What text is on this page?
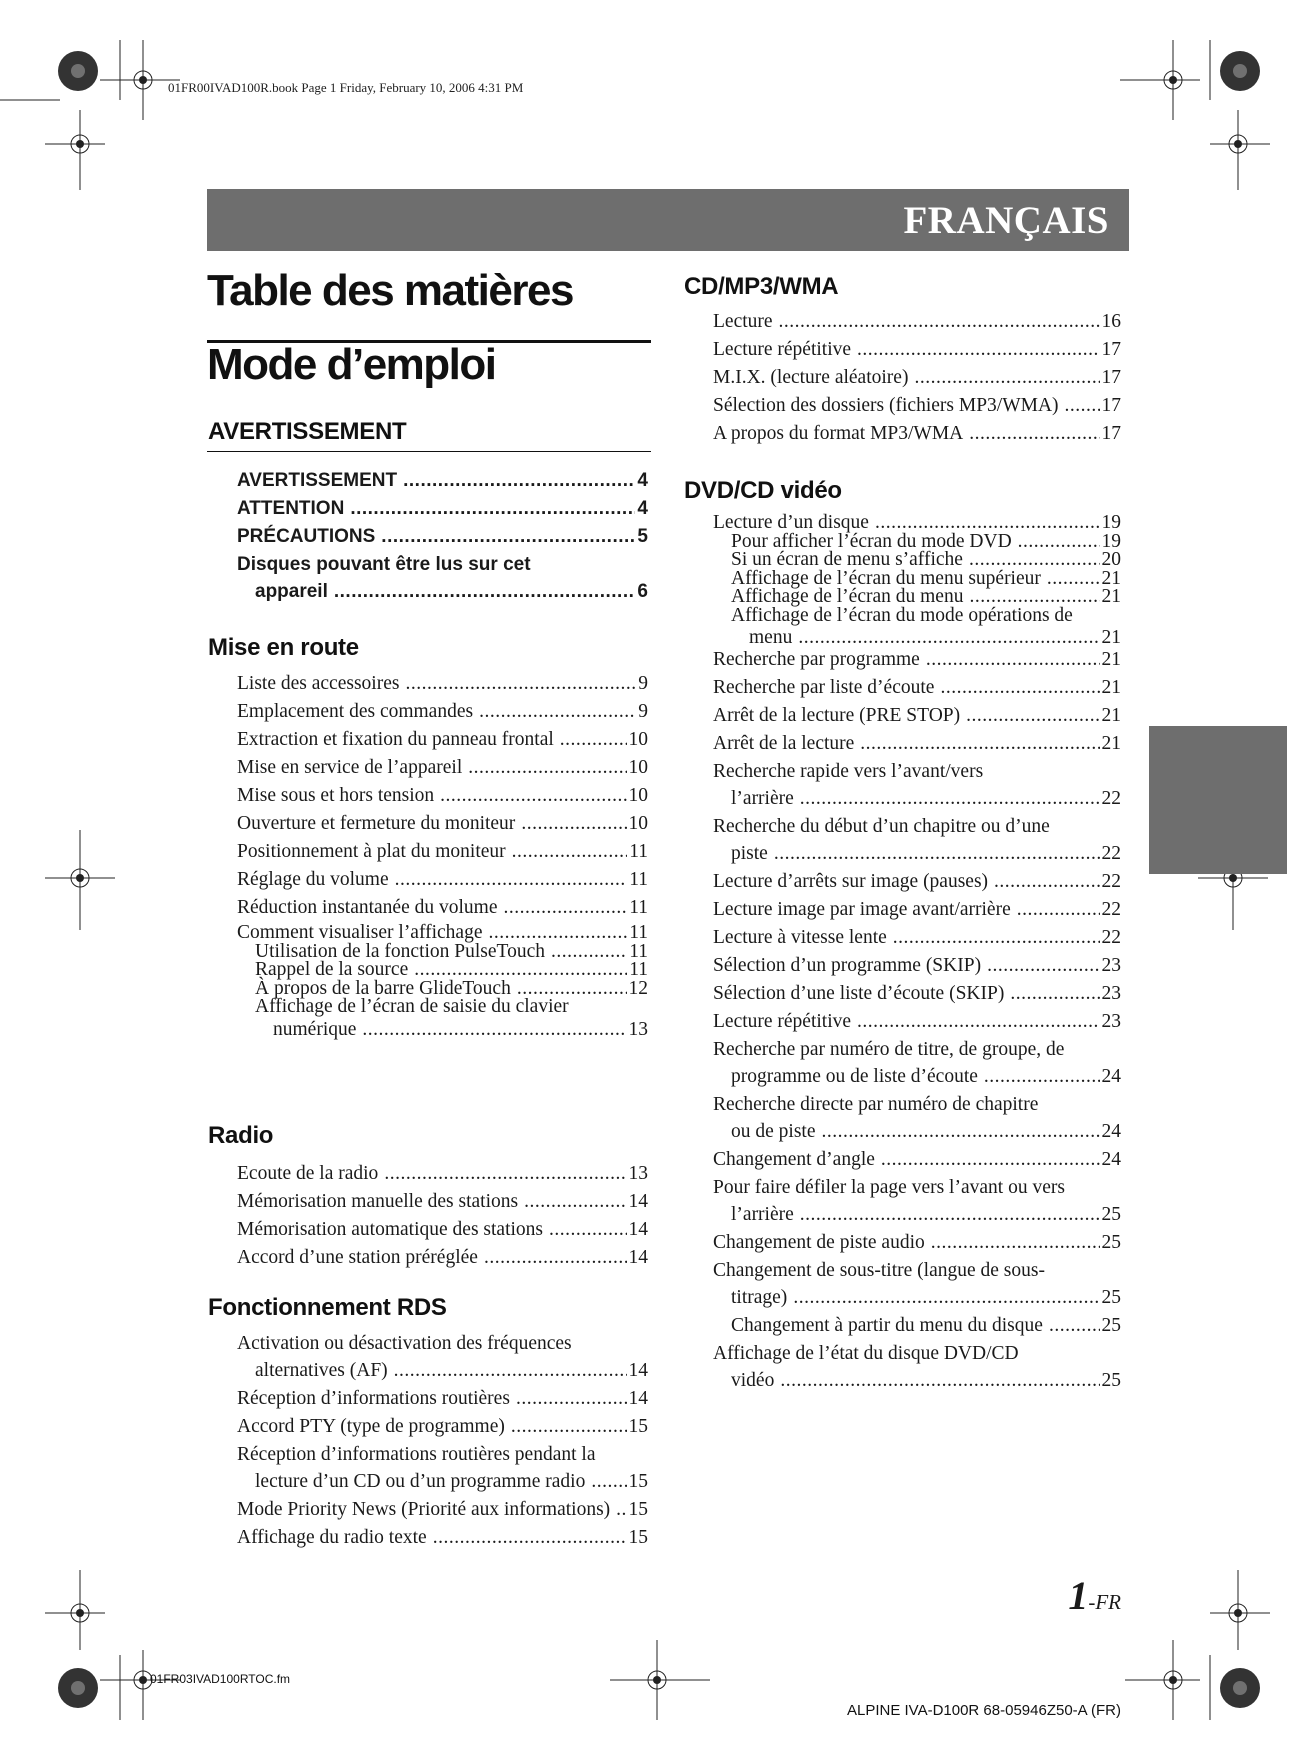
01FR00IVAD100R.book Page 1 Friday, February 10, 2006 4:31 PM
01FR03IVAD100RTOC.fm
FRANÇAIS
Table des matières
Mode d’emploi
AVERTISSEMENT
AVERTISSEMENT .....	4
ATTENTION .....	4
PRÉCAUTIONS .....	5
Disques pouvant être lus sur cet
appareil .....	6
Mise en route
Liste des accessoires .....	9
Emplacement des commandes .....	9
Extraction et fixation du panneau frontal .....	10
Mise en service de l’appareil .....	10
Mise sous et hors tension .....	10
Ouverture et fermeture du moniteur .....	10
Positionnement à plat du moniteur .....	11
Réglage du volume .....	11
Réduction instantanée du volume .....	11
Comment visualiser l’affichage .....	11
Utilisation de la fonction PulseTouch .....	11
Rappel de la source .....	11
À propos de la barre GlideTouch .....	12
Affichage de l’écran de saisie du clavier
numérique .....	13
Radio
Ecoute de la radio .....	13
Mémorisation manuelle des stations .....	14
Mémorisation automatique des stations .....	14
Accord d’une station préréglée .....	14
Fonctionnement RDS
Activation ou désactivation des fréquences
alternatives (AF) .....	14
Réception d’informations routières .....	14
Accord PTY (type de programme) .....	15
Réception d’informations routières pendant la
lecture d’un CD ou d’un programme radio ..... 15
Mode Priority News (Priorité aux informations) ..... 15
Affichage du radio texte .....	15
CD/MP3/WMA
Lecture .....	16
Lecture répétitive .....	17
M.I.X. (lecture aléatoire) .....	17
Sélection des dossiers (fichiers MP3/WMA) ..... 17
A propos du format MP3/WMA .....	17
DVD/CD vidéo
Lecture d’un disque .....	19
Pour afficher l’écran du mode DVD .....	19
Si un écran de menu s’affiche .....	20
Affichage de l’écran du menu supérieur .....	21
Affichage de l’écran du menu .....	21
Affichage de l’écran du mode opérations de
menu .....	21
Recherche par programme .....	21
Recherche par liste d’écoute .....	21
Arrêt de la lecture (PRE STOP) .....	21
Arrêt de la lecture .....	21
Recherche rapide vers l’avant/vers
l’arrière .....	22
Recherche du début d’un chapitre ou d’une
piste .....	22
Lecture d’arrêts sur image (pauses) .....	22
Lecture image par image avant/arrière .....	22
Lecture à vitesse lente .....	22
Sélection d’un programme (SKIP) .....	23
Sélection d’une liste d’écoute (SKIP) .....	23
Lecture répétitive .....	23
Recherche par numéro de titre, de groupe, de
programme ou de liste d’écoute .....	24
Recherche directe par numéro de chapitre
ou de piste .....	24
Changement d’angle .....	24
Pour faire défiler la page vers l’avant ou vers
l’arrière .....	25
Changement de piste audio .....	25
Changement de sous-titre (langue de sous-
titrage) .....	25
Changement à partir du menu du disque .....	25
Affichage de l’état du disque DVD/CD
vidéo .....	25
1-FR
ALPINE IVA-D100R 68-05946Z50-A (FR)
